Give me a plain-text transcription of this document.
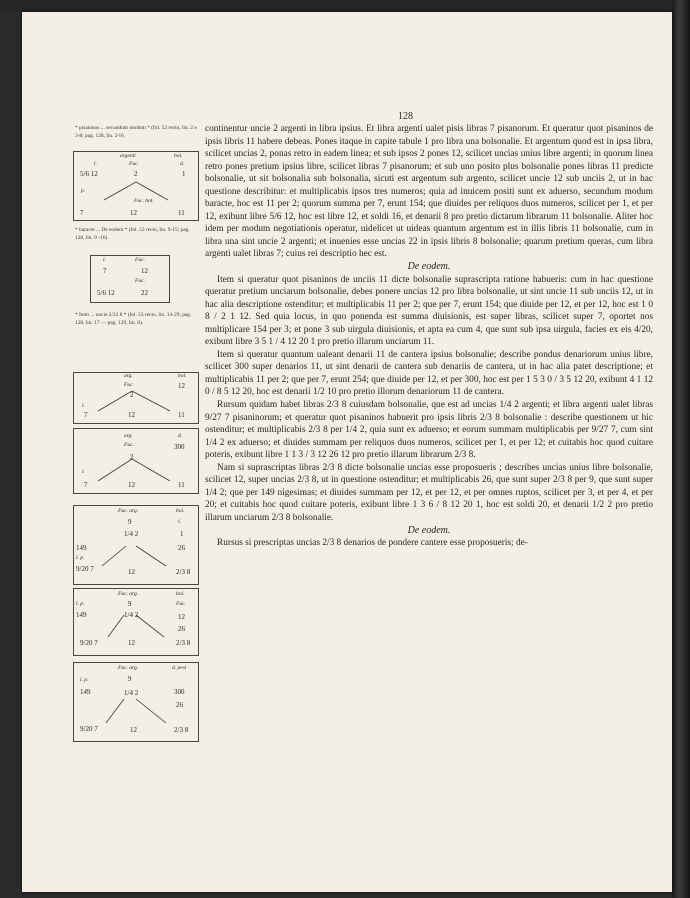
128
* pisaninos ... secundum modum * (fol. 53 recto, lin. 2 e 3-8; pag. 128, lin. 2-9).
argenti	bol.
l.	Fuc.	d.
5/6 12	2	1
p.
Fuc. bol.
7	12	11
* baracte ... De eodem * (fol. 53 recto, lin. 9-15; pag. 128, lin. 9 -16).
l.	Fuc.
7	12
Fuc.
5/6 12	22
* Item ... uncie 2/22 8 * (fol. 53 recto, lin. 14-29; pag. 128, lin. 17 — pag. 129, lin. 8).
arg.	bol.
Fuc.	12
2
l.
7	12	11
arg.	d.
Fuc.	300
2
l.
7	12	11
Fuc. arg.	bol.
9	l.
1/4 2	1
149	26
l. p.
9/20 7	12	2/3 8
Fuc. arg.	bol.
l. p.	9	Fuc.
149	1/4 2	12
26
9/20 7	12	2/3 8
Fuc. arg.	d. pesi
l. p.	9
149	1/4 2	300
26
9/20 7	12	2/3 8

continentur uncie 2 argenti in libra ipsius. Et libra argenti ualet pisis libras 7 pisanorum. Et queratur quot pisaninos de ipsis libris 11 habere debeas. Pones itaque in capite tabule 1 pro libra una bolsonalie. Et argentum quod est in ipsa libra, scilicet uncias 2, ponas retro in eadem linea; et sub ipsos 2 pones 12, scilicet uncias unius libre argenti; in quorum linea retro pones pretium ipsius libre, scilicet libras 7 pisanorum; et sub uno posito plus bolsonalie pones libras 11 predicte bolsonalie, ut sit bolsonalia sub bolsonalia, sicuti est argentum sub argento, scilicet uncie 12 sub unciis 2, ut in hac questione describitur: et multiplicabis ipsos tres numeros; quia ad inuicem positi sunt ex aduerso, secundum modum baracte, hoc est 11 per 2; quorum summa per 7, erunt 154; que diuides per reliquos duos numeros, scilicet per 1, et per 12, exibunt libre 5/6 12, hoc est libre 12, et soldi 16, et denarii 8 pro pretio dictarum librarum 11 bolsonalie. Aliter hoc idem per modum negotiationis operatur, uidelicet ut uideas quantum argentum est in illis libris 11 bolsonalie, cum in libra una sint uncie 2 argenti; et inuenies esse uncias 22 in ipsis libris 8 bolsonalie; quarum pretium queras, cum libra argenti ualet libras 7; cuius rei descriptio hec est.

De eodem.

Item si queratur quot pisaninos de unciis 11 dicte bolsonalie suprascripta ratione habueris: cum in hac questione queratur pretium unciarum bolsonalie, debes ponere uncias 12 pro libra bolsonalie, ut sint uncie 11 sub unciis 12, ut in hac alia descriptione ostenditur; et multiplicabis 11 per 2; que per 7, erunt 154; que diuide per 12, et per 12, hoc est 1 0 8 / 2 1 12. Sed quia locus, in quo ponenda est summa diuisionis, est super libras, scilicet super 7, oportet nos multiplicare 154 per 3; et pone 3 sub uirgula diuisionis, et apta ea cum 4, que sunt sub ipsa uirgula, facies ex eis 4/20, exibunt libre 3 5 1 / 4 12 20 1 pro pretio illarum unciarum 11.

Item si queratur quantum ualeant denarii 11 de cantera ipsius bolsonalie; describe pondus denariorum unius libre, scilicet 300 super denarios 11, ut sint denarii de cantera sub denariis de cantera, ut in hac alia patet descriptione; et multiplicabis 11 per 2; que per 7, erunt 254; que diuide per 12, et per 300, hoc est per 1 5 3 0 / 3 5 12 20, exibunt 4 1 12 0 / 8 5 12 20, hoc est denarii 1/2 10 pro pretio illorum denariorum 11 de cantera.

Rursum quidam habet libras 2/3 8 cuiusdam bolsonalie, que est ad uncias 1/4 2 argenti; et libra argenti ualet libras 9/27 7 pisaninorum; et queratur quot pisaninos habuerit pro ipsis libris 2/3 8 bolsonalie : describe questionem ut hic ostenditur; et multiplicabis 2/3 8 per 1/4 2, quia sunt ex aduerso; et eorum summam multiplicabis per 9/27 7, cum sint 1/4 2 ex aduerso; et diuides summam per reliquos duos numeros, scilicet per 1, et per 12; et cuitabis hoc quod cuitare poteris, exibunt libre 1 1 3 / 3 12 26 12 pro pretio illarum librarum 2/3 8.

Nam si suprascriptas libras 2/3 8 dicte bolsonalie uncias esse proposueris ; describes uncias unius libre bolsonalie, scilicet 12, super uncias 2/3 8, ut in questione ostenditur; et multiplicabis 26, que sunt super 2/3 8 per 9, que sunt super 1/4 2; que per 149 nigesimas; et diuides summam per 12, et per 12, et per omnes ruptos, scilicet per 3, et per 4, et per 20; et cuitabis hoc quod cuitare poteris, exibunt libre 1 3 6 / 8 12 20 1, hoc est soldi 20, et denarii 1/2 2 pro pretio illarum unciarum 2/3 8 bolsonalie.

De eodem.

Rursus si prescriptas uncias 2/3 8 denarios de pondere cantere esse proposueris; de-
